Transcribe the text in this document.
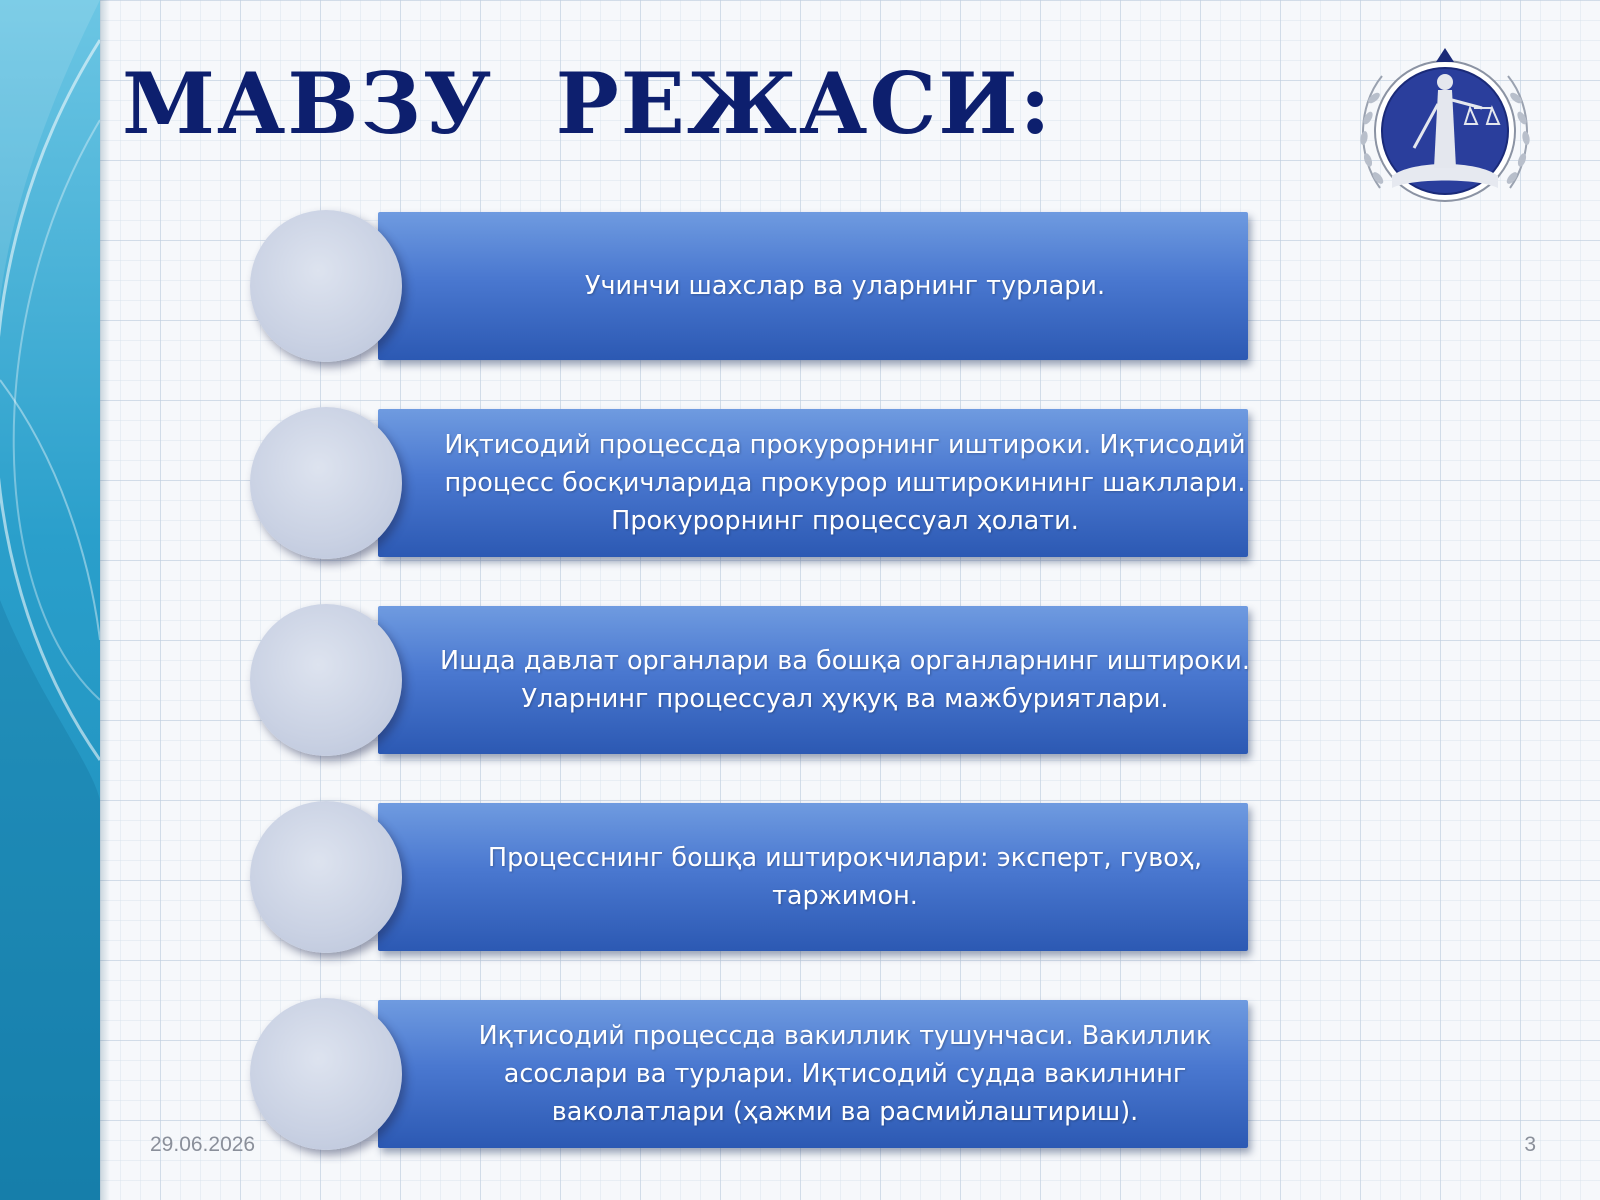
МАВЗУ  РЕЖАСИ:
Учинчи шахслар ва уларнинг турлари.
Иқтисодий процессда прокурорнинг иштироки. Иқтисодий процесс босқичларида прокурор иштирокининг шакллари. Прокурорнинг процессуал ҳолати.
Ишда давлат органлари ва бошқа органларнинг иштироки. Уларнинг процессуал ҳуқуқ ва мажбуриятлари.
Процесснинг бошқа иштирокчилари: эксперт, гувоҳ, таржимон.
Иқтисодий процессда вакиллик тушунчаси. Вакиллик асослари ва турлари. Иқтисодий судда вакилнинг ваколатлари (ҳажми ва расмийлаштириш).
29.06.2026	3
